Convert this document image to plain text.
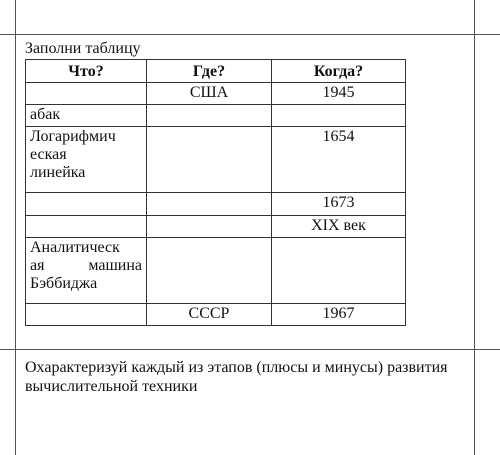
Заполни таблицу
Что?	Где?	Когда?
	США	1945
абак		

Логарифмич
еская
линейка		1654
		1673
		XIX век

Аналитическ
ая машина
Бэббиджа		

	СССР	1967
Охарактеризуй каждый из этапов (плюсы и минусы) развития вычислительной техники
